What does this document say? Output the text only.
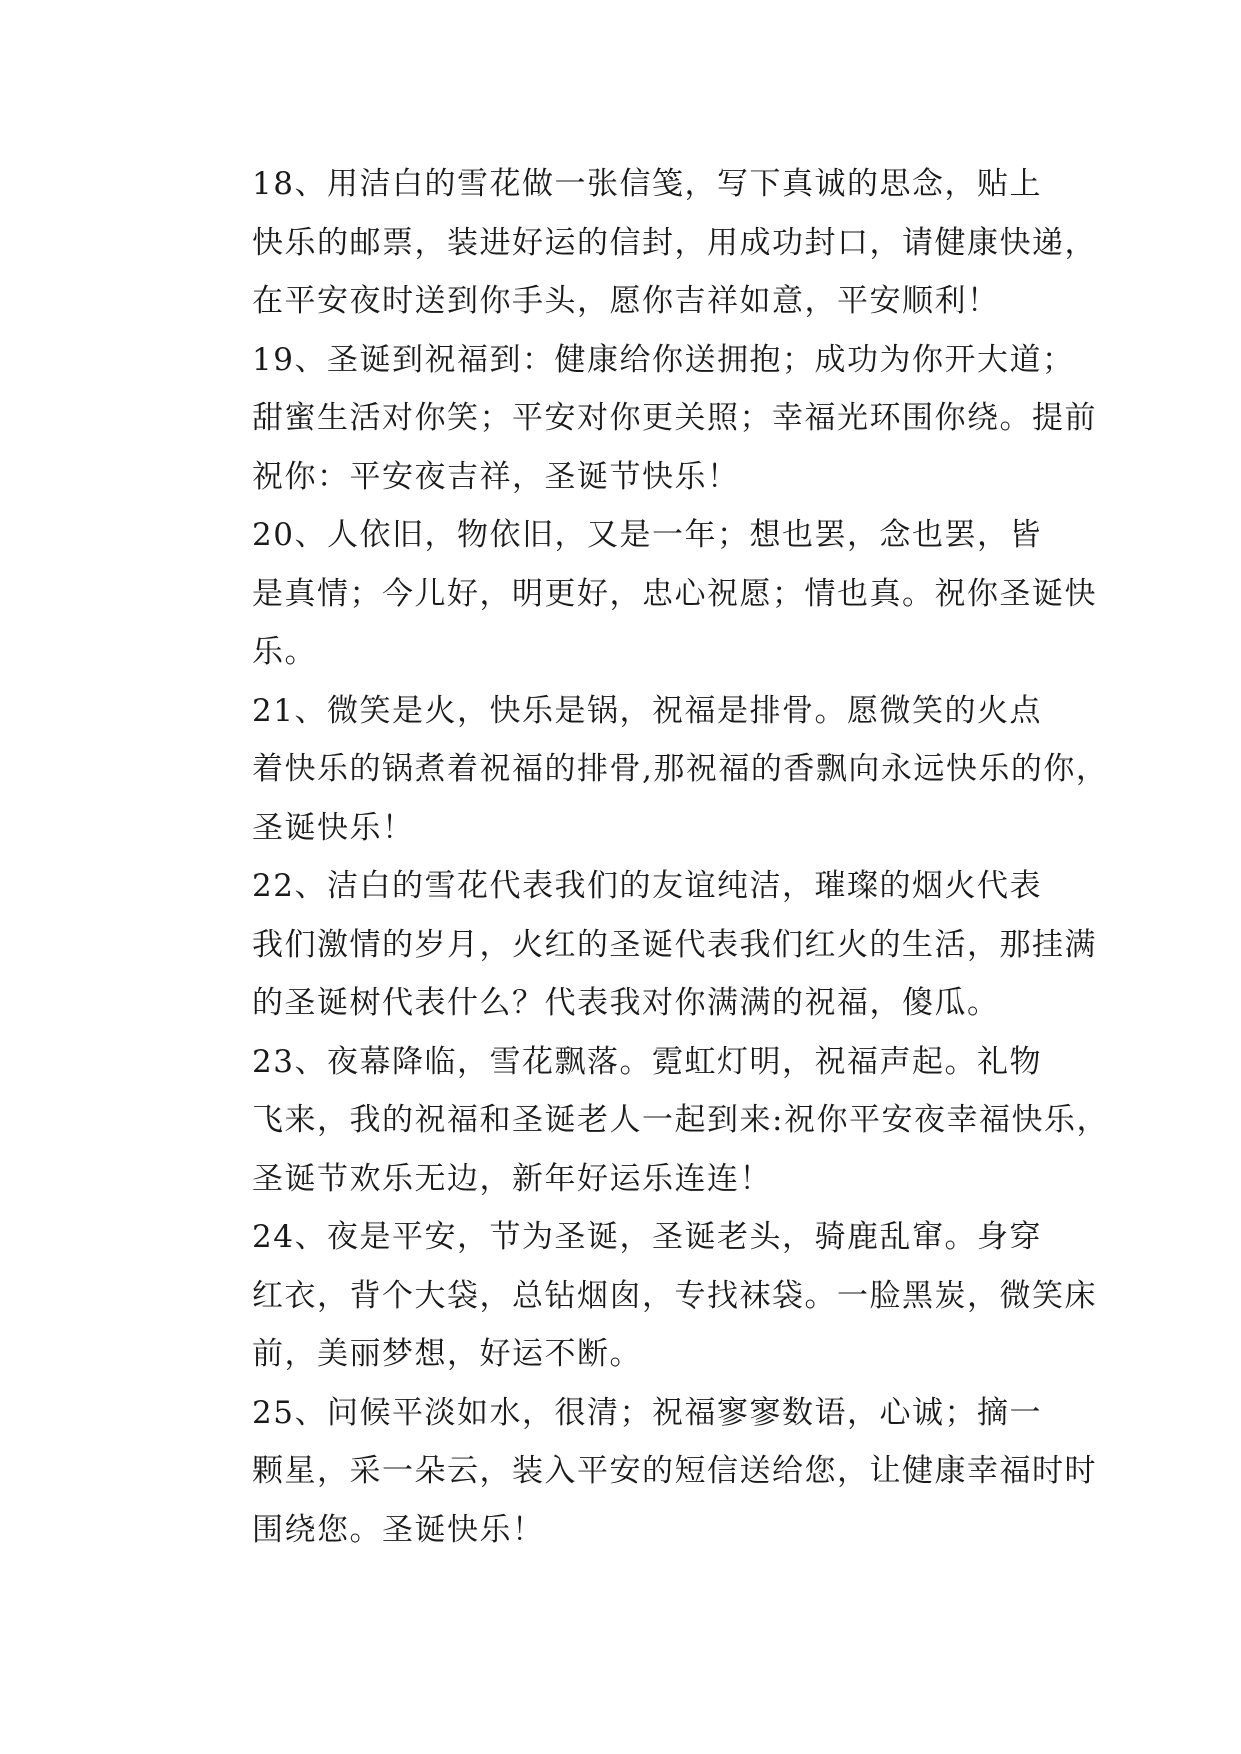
18、用洁白的雪花做一张信笺，写下真诚的思念，贴上
快乐的邮票，装进好运的信封，用成功封口，请健康快递，
在平安夜时送到你手头，愿你吉祥如意，平安顺利！

19、圣诞到祝福到：健康给你送拥抱；成功为你开大道；
甜蜜生活对你笑；平安对你更关照；幸福光环围你绕。提前
祝你：平安夜吉祥，圣诞节快乐！

20、人依旧，物依旧，又是一年；想也罢，念也罢，皆
是真情；今儿好，明更好，忠心祝愿；情也真。祝你圣诞快
乐。

21、微笑是火，快乐是锅，祝福是排骨。愿微笑的火点
着快乐的锅煮着祝福的排骨,那祝福的香飘向永远快乐的你，
圣诞快乐！

22、洁白的雪花代表我们的友谊纯洁，璀璨的烟火代表
我们激情的岁月，火红的圣诞代表我们红火的生活，那挂满
的圣诞树代表什么？代表我对你满满的祝福，傻瓜。

23、夜幕降临，雪花飘落。霓虹灯明，祝福声起。礼物
飞来，我的祝福和圣诞老人一起到来:祝你平安夜幸福快乐，
圣诞节欢乐无边，新年好运乐连连！

24、夜是平安，节为圣诞，圣诞老头，骑鹿乱窜。身穿
红衣，背个大袋，总钻烟囱，专找袜袋。一脸黑炭，微笑床
前，美丽梦想，好运不断。

25、问候平淡如水，很清；祝福寥寥数语，心诚；摘一
颗星，采一朵云，装入平安的短信送给您，让健康幸福时时
围绕您。圣诞快乐！
